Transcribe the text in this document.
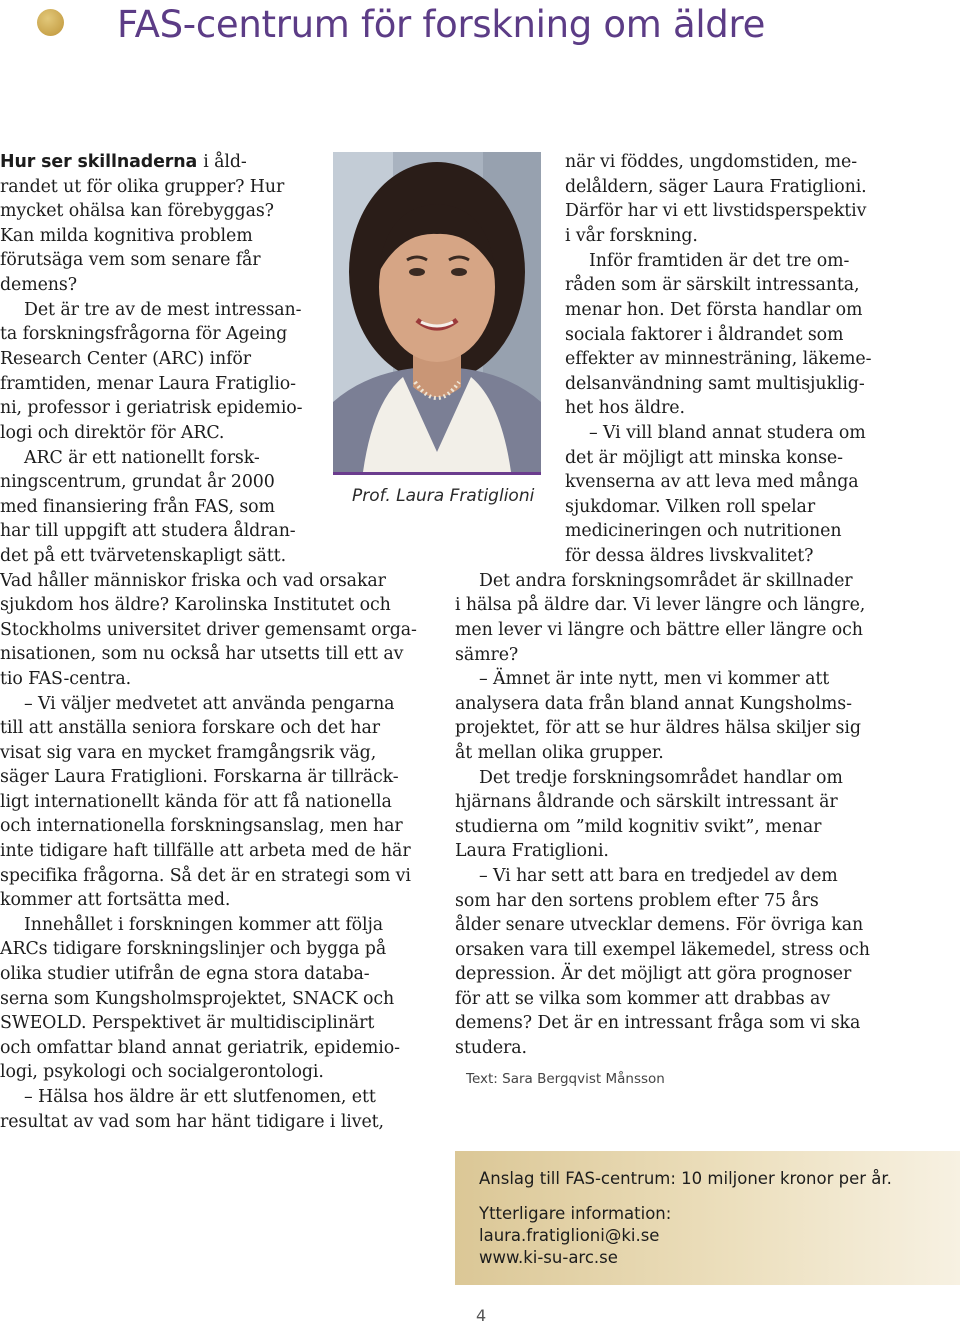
FAS-centrum för forskning om äldre
Hur ser skillnaderna i åld-
randet ut för olika grupper? Hur
mycket ohälsa kan förebyggas?
Kan milda kognitiva problem
förutsäga vem som senare får
demens?
Det är tre av de mest intressan-
ta forskningsfrågorna för Ageing
Research Center (ARC) inför
framtiden, menar Laura Fratiglio-
ni, professor i geriatrisk epidemio-
logi och direktör för ARC.
ARC är ett nationellt forsk-
ningscentrum, grundat år 2000
med finansiering från FAS, som
har till uppgift att studera åldran-
det på ett tvärvetenskapligt sätt.
Vad håller människor friska och vad orsakar
sjukdom hos äldre? Karolinska Institutet och
Stockholms universitet driver gemensamt orga-
nisationen, som nu också har utsetts till ett av
tio FAS-centra.
– Vi väljer medvetet att använda pengarna
till att anställa seniora forskare och det har
visat sig vara en mycket framgångsrik väg,
säger Laura Fratiglioni. Forskarna är tillräck-
ligt internationellt kända för att få nationella
och internationella forskningsanslag, men har
inte tidigare haft tillfälle att arbeta med de här
specifika frågorna. Så det är en strategi som vi
kommer att fortsätta med.
Innehållet i forskningen kommer att följa
ARCs tidigare forskningslinjer och bygga på
olika studier utifrån de egna stora databa-
serna som Kungsholmsprojektet, SNACK och
SWEOLD. Perspektivet är multidisciplinärt
och omfattar bland annat geriatrik, epidemio-
logi, psykologi och socialgerontologi.
– Hälsa hos äldre är ett slutfenomen, ett
resultat av vad som har hänt tidigare i livet,
när vi föddes, ungdomstiden, me-
delåldern, säger Laura Fratiglioni.
Därför har vi ett livstidsperspektiv
i vår forskning.
Inför framtiden är det tre om-
råden som är särskilt intressanta,
menar hon. Det första handlar om
sociala faktorer i åldrandet som
effekter av minnesträning, läkeme-
delsanvändning samt multisjuklig-
het hos äldre.
– Vi vill bland annat studera om
det är möjligt att minska konse-
kvenserna av att leva med många
sjukdomar. Vilken roll spelar
medicineringen och nutritionen
för dessa äldres livskvalitet?
Det andra forskningsområdet är skillnader
i hälsa på äldre dar. Vi lever längre och längre,
men lever vi längre och bättre eller längre och
sämre?
– Ämnet är inte nytt, men vi kommer att
analysera data från bland annat Kungsholms-
projektet, för att se hur äldres hälsa skiljer sig
åt mellan olika grupper.
Det tredje forskningsområdet handlar om
hjärnans åldrande och särskilt intressant är
studierna om ”mild kognitiv svikt”, menar
Laura Fratiglioni.
– Vi har sett att bara en tredjedel av dem
som har den sortens problem efter 75 års
ålder senare utvecklar demens. För övriga kan
orsaken vara till exempel läkemedel, stress och
depression. Är det möjligt att göra prognoser
för att se vilka som kommer att drabbas av
demens? Det är en intressant fråga som vi ska
studera.
Prof. Laura Fratiglioni
Text: Sara Bergqvist Månsson
Anslag till FAS-centrum: 10 miljoner kronor per år.
Ytterligare information:
laura.fratiglioni@ki.se
www.ki-su-arc.se
4
